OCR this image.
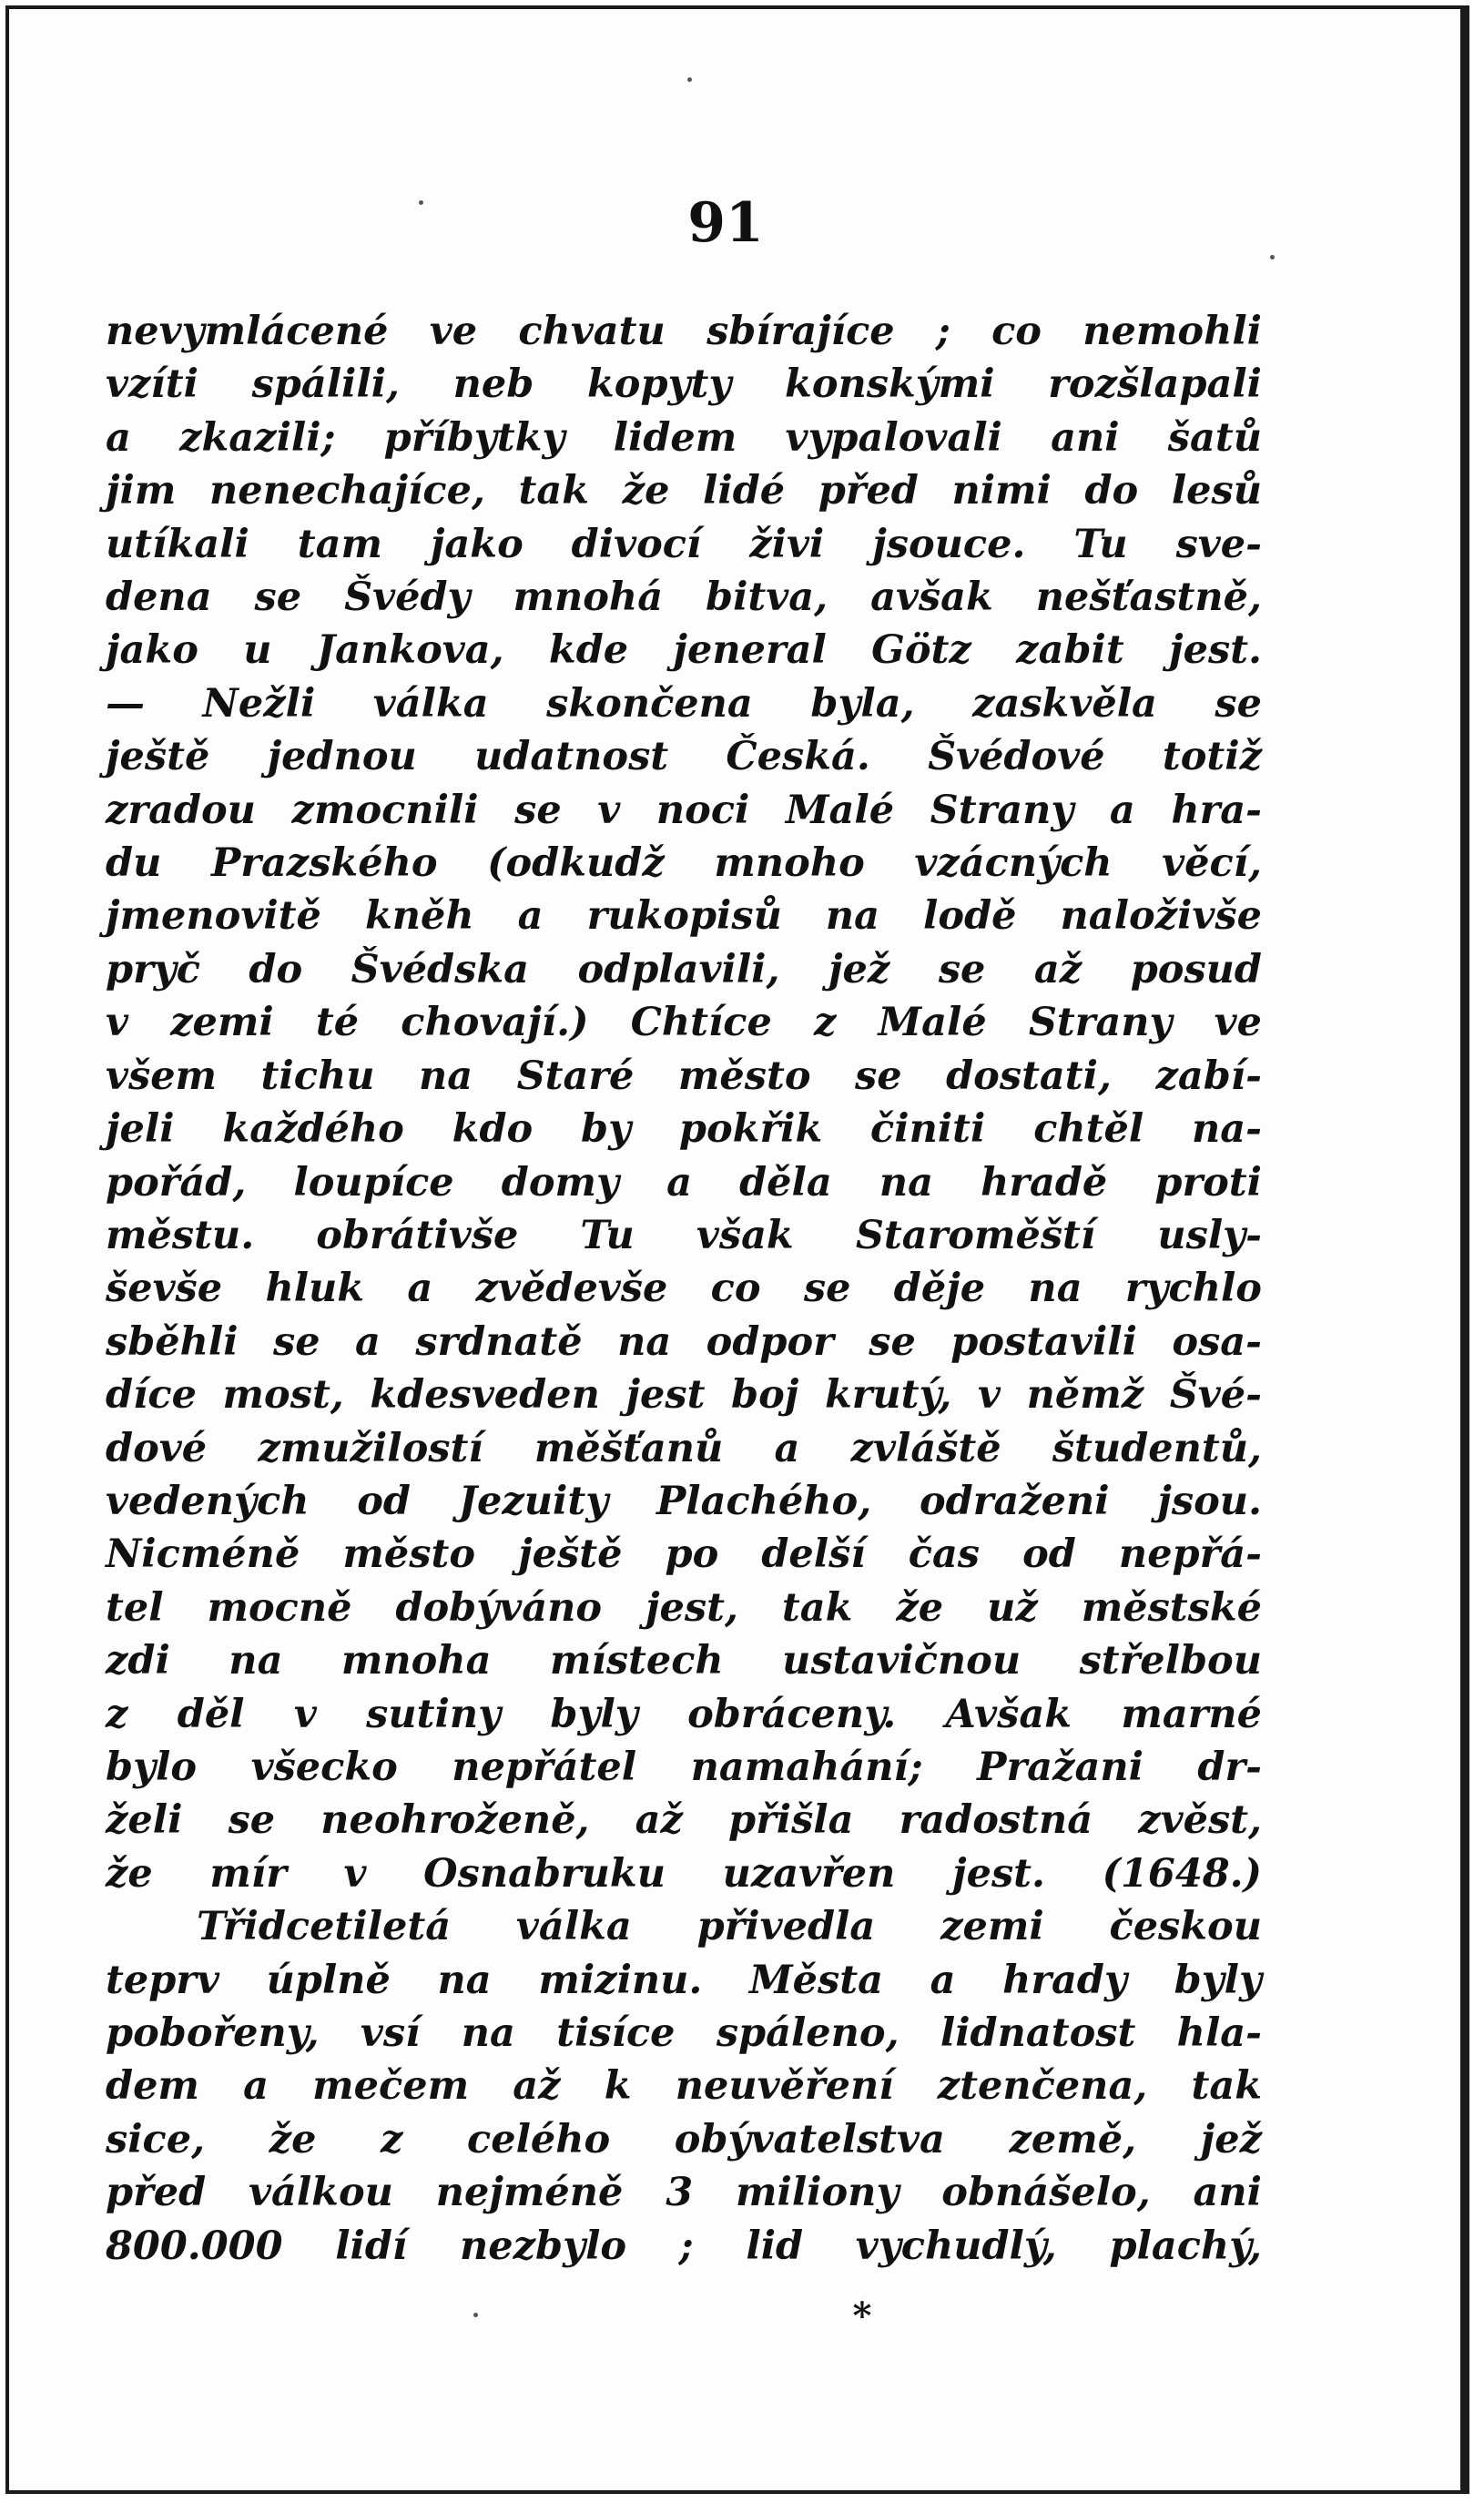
91
nevymlácené ve chvatu sbírajíce ; co nemohli
vzíti spálili, neb kopyty konskými rozšlapali
a zkazili; příbytky lidem vypalovali ani šatů
jim nenechajíce, tak že lidé před nimi do lesů
utíkali tam jako divocí živi jsouce. Tu sve-
dena se Švédy mnohá bitva, avšak nešťastně,
jako u Jankova, kde jeneral Götz zabit jest.
— Nežli válka skončena byla, zaskvěla se
ještě jednou udatnost Česká. Švédové totiž
zradou zmocnili se v noci Malé Strany a hra-
du Prazského (odkudž mnoho vzácných věcí,
jmenovitě kněh a rukopisů na lodě naloživše
pryč do Švédska odplavili, jež se až posud
v zemi té chovají.) Chtíce z Malé Strany ve
všem tichu na Staré město se dostati, zabí-
jeli každého kdo by pokřik činiti chtěl na-
pořád, loupíce domy a děla na hradě proti
městu. obrátivše Tu však Staroměští usly-
ševše hluk a zvědevše co se děje na rychlo
sběhli se a srdnatě na odpor se postavili osa-
díce most, kdesveden jest boj krutý, v němž Švé-
dové zmužilostí měšťanů a zvláště študentů,
vedených od Jezuity Plachého, odraženi jsou.
Nicméně město ještě po delší čas od nepřá-
tel mocně dobýváno jest, tak že už městské
zdi na mnoha místech ustavičnou střelbou
z děl v sutiny byly obráceny. Avšak marné
bylo všecko nepřátel namahání; Pražani dr-
želi se neohroženě, až přišla radostná zvěst,
že mír v Osnabruku uzavřen jest. (1648.)
Třidcetiletá válka přivedla zemi českou
teprv úplně na mizinu. Města a hrady byly
pobořeny, vsí na tisíce spáleno, lidnatost hla-
dem a mečem až k neuvěření ztenčena, tak
sice, že z celého obývatelstva země, jež
před válkou nejméně 3 miliony obnášelo, ani
800.000 lidí nezbylo ; lid vychudlý, plachý,
*
